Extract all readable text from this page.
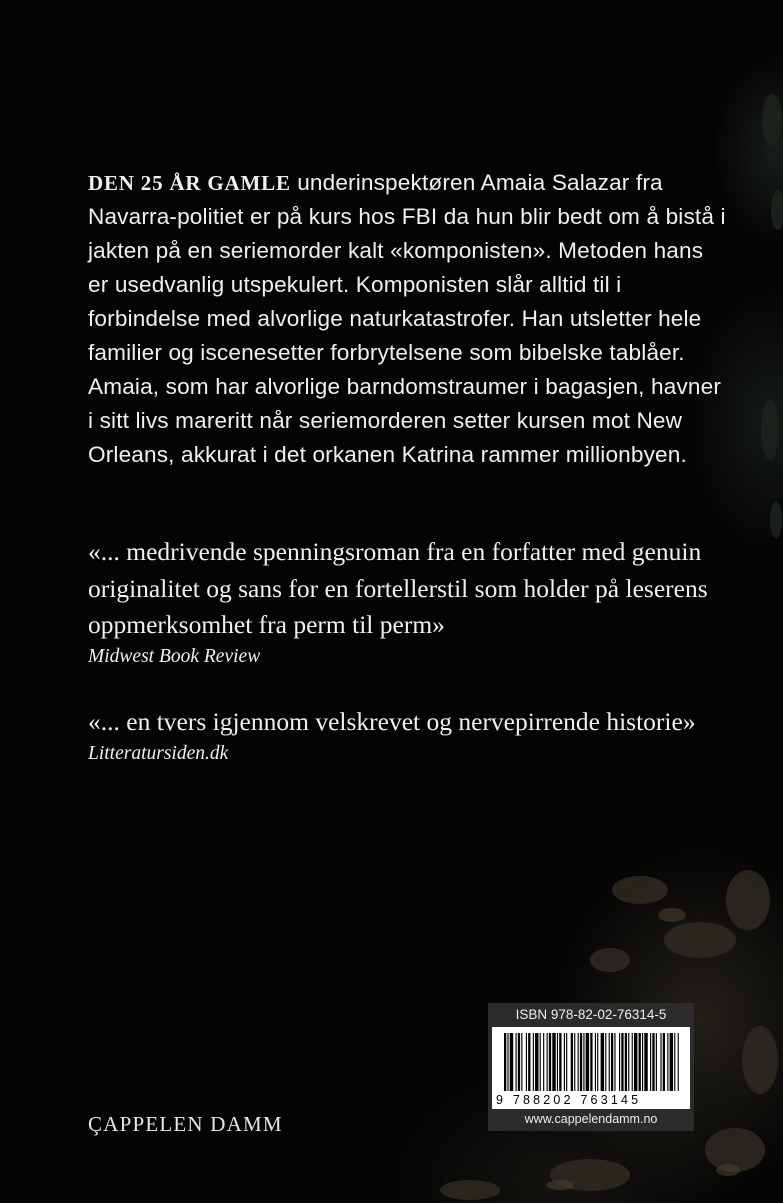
DEN 25 ÅR GAMLE underinspektøren Amaia Salazar fra Navarra-politiet er på kurs hos FBI da hun blir bedt om å bistå i jakten på en seriemorder kalt «komponisten». Metoden hans er usedvanlig utspekulert. Komponisten slår alltid til i forbindelse med alvorlige naturkatastrofer. Han utsletter hele familier og iscenesetter forbrytelsene som bibelske tablåer. Amaia, som har alvorlige barndomstraumer i bagasjen, havner i sitt livs mareritt når seriemorderen setter kursen mot New Orleans, akkurat i det orkanen Katrina rammer millionbyen.

«... medrivende spenningsroman fra en forfatter med genuin originalitet og sans for en fortellerstil som holder på leserens oppmerksomhet fra perm til perm»
Midwest Book Review

«... en tvers igjennom velskrevet og nervepirrende historie»
Litteratursiden.dk

ÇAPPELEN DAMM
ISBN 978-82-02-76314-5
9 788202 763145
www.cappelendamm.no
